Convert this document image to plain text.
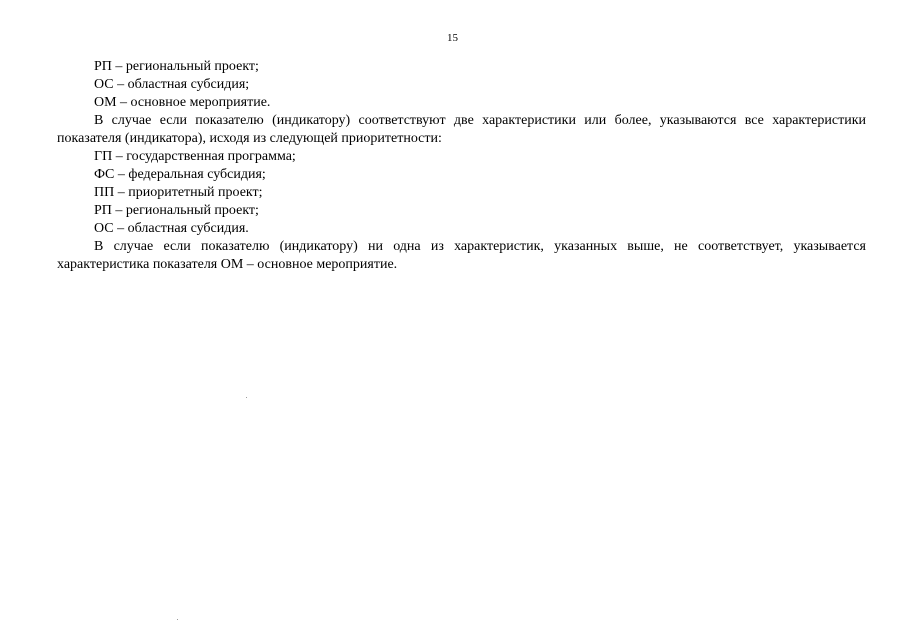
15

РП – региональный проект;

ОС – областная субсидия;

ОМ – основное мероприятие.

В случае если показателю (индикатору) соответствуют две характеристики или более, указываются все характеристики показателя (индикатора), исходя из следующей приоритетности:

ГП – государственная программа;

ФС – федеральная субсидия;

ПП – приоритетный проект;

РП – региональный проект;

ОС – областная субсидия.

В случае если показателю (индикатору) ни одна из характеристик, указанных выше, не соответствует, указывается характеристика показателя ОМ – основное мероприятие.
